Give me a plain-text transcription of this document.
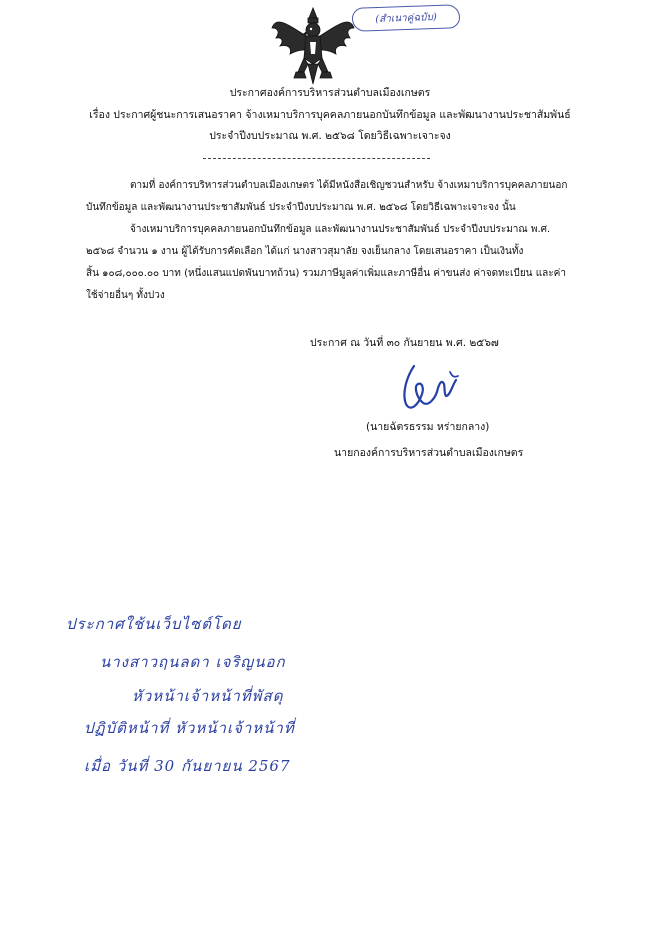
(สำเนาคู่ฉบับ)
ประกาศองค์การบริหารส่วนตำบลเมืองเกษตร
เรื่อง ประกาศผู้ชนะการเสนอราคา จ้างเหมาบริการบุคคลภายนอกบันทึกข้อมูล และพัฒนางานประชาสัมพันธ์
ประจำปีงบประมาณ พ.ศ. ๒๕๖๘ โดยวิธีเฉพาะเจาะจง
ตามที่ องค์การบริหารส่วนตำบลเมืองเกษตร ได้มีหนังสือเชิญชวนสำหรับ จ้างเหมาบริการบุคคลภายนอก
บันทึกข้อมูล และพัฒนางานประชาสัมพันธ์ ประจำปีงบประมาณ พ.ศ. ๒๕๖๘ โดยวิธีเฉพาะเจาะจง นั้น
จ้างเหมาบริการบุคคลภายนอกบันทึกข้อมูล และพัฒนางานประชาสัมพันธ์ ประจำปีงบประมาณ พ.ศ.
๒๕๖๘ จำนวน ๑ งาน ผู้ได้รับการคัดเลือก ได้แก่ นางสาวสุมาลัย จงเย็นกลาง โดยเสนอราคา เป็นเงินทั้ง
สิ้น ๑๐๘,๐๐๐.๐๐ บาท (หนึ่งแสนแปดพันบาทถ้วน) รวมภาษีมูลค่าเพิ่มและภาษีอื่น ค่าขนส่ง ค่าจดทะเบียน และค่า
ใช้จ่ายอื่นๆ ทั้งปวง
ประกาศ ณ วันที่ ๓๐ กันยายน พ.ศ. ๒๕๖๗
(นายฉัตรธรรม หร่ายกลาง)
นายกองค์การบริหารส่วนตำบลเมืองเกษตร
ประกาศใช้นเว็บไซต์โดย
นางสาวฤนลดา เจริญนอก
หัวหน้าเจ้าหน้าที่พัสดุ
ปฏิบัติหน้าที่ หัวหน้าเจ้าหน้าที่
เมื่อ วันที่ 30 กันยายน 2567
